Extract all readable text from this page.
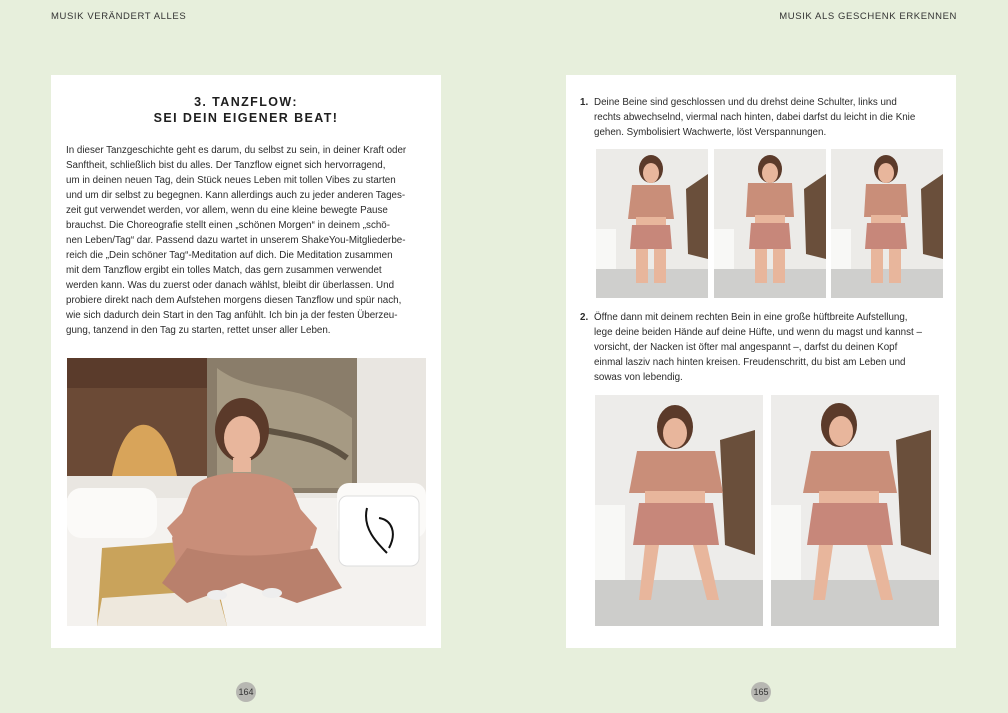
MUSIK VERÄNDERT ALLES	MUSIK ALS GESCHENK ERKENNEN
3. TANZFLOW:
SEI DEIN EIGENER BEAT!
In dieser Tanzgeschichte geht es darum, du selbst zu sein, in deiner Kraft oder
Sanftheit, schließlich bist du alles. Der Tanzflow eignet sich hervorragend,
um in deinen neuen Tag, dein Stück neues Leben mit tollen Vibes zu starten
und um dir selbst zu begegnen. Kann allerdings auch zu jeder anderen Tages-
zeit gut verwendet werden, vor allem, wenn du eine kleine bewegte Pause
brauchst. Die Choreografie stellt einen „schönen Morgen“ in deinem „schö-
nen Leben/Tag“ dar. Passend dazu wartet in unserem ShakeYou-Mitgliederbe-
reich die „Dein schöner Tag“-Meditation auf dich. Die Meditation zusammen
mit dem Tanzflow ergibt ein tolles Match, das gern zusammen verwendet
werden kann. Was du zuerst oder danach wählst, bleibt dir überlassen. Und
probiere direkt nach dem Aufstehen morgens diesen Tanzflow und spür nach,
wie sich dadurch dein Start in den Tag anfühlt. Ich bin ja der festen Überzeu-
gung, tanzend in den Tag zu starten, rettet unser aller Leben.
164
1. Deine Beine sind geschlossen und du drehst deine Schulter, links und
rechts abwechselnd, viermal nach hinten, dabei darfst du leicht in die Knie
gehen. Symbolisiert Wachwerte, löst Verspannungen.
2. Öffne dann mit deinem rechten Bein in eine große hüftbreite Aufstellung,
lege deine beiden Hände auf deine Hüfte, und wenn du magst und kannst –
vorsicht, der Nacken ist öfter mal angespannt –, darfst du deinen Kopf
einmal lasziv nach hinten kreisen. Freudenschritt, du bist am Leben und
sowas von lebendig.
165
